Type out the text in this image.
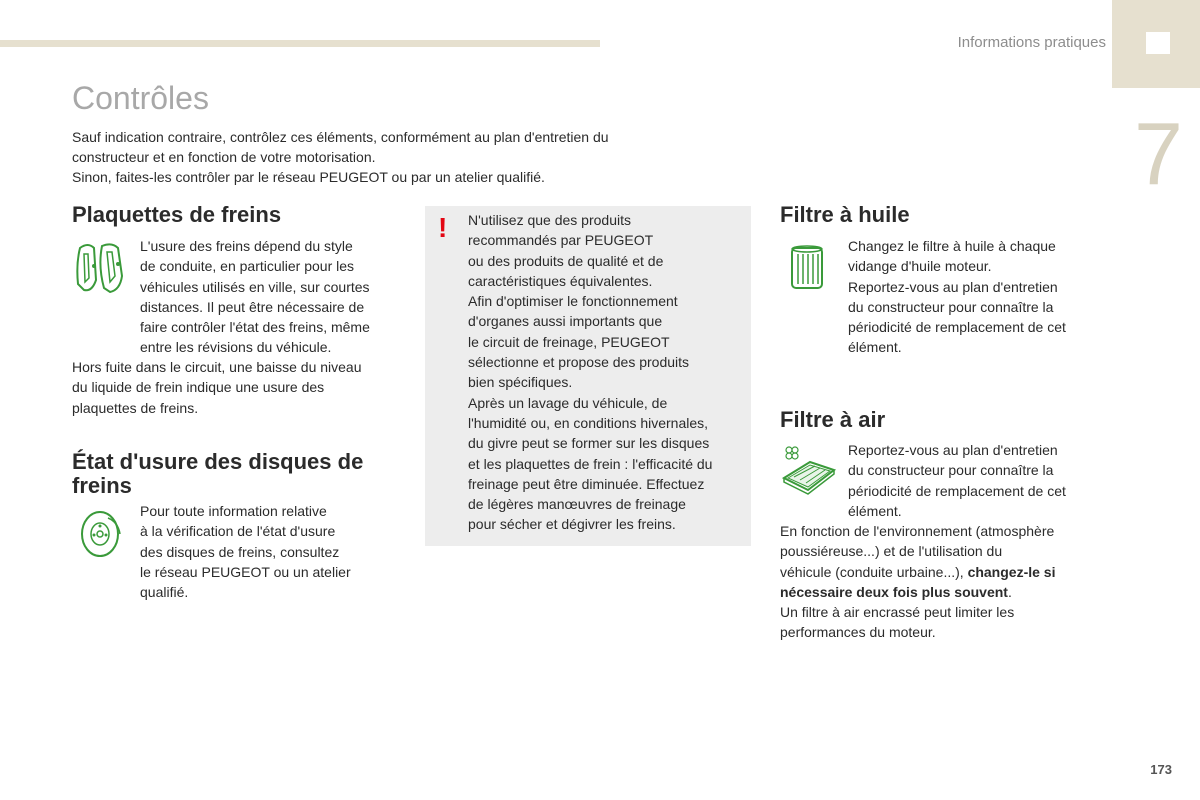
Informations pratiques
7
Contrôles

Sauf indication contraire, contrôlez ces éléments, conformément au plan d'entretien du

constructeur et en fonction de votre motorisation.

Sinon, faites-les contrôler par le réseau PEUGEOT ou par un atelier qualifié.

Plaquettes de freins

L'usure des freins dépend du style

de conduite, en particulier pour les

véhicules utilisés en ville, sur courtes

distances. Il peut être nécessaire de

faire contrôler l'état des freins, même

entre les révisions du véhicule.

Hors fuite dans le circuit, une baisse du niveau

du liquide de frein indique une usure des

plaquettes de freins.

État d'usure des disques de
freins

Pour toute information relative

à la vérification de l'état d'usure

des disques de freins, consultez

le réseau PEUGEOT ou un atelier

qualifié.

! N'utilisez que des produits

recommandés par PEUGEOT

ou des produits de qualité et de

caractéristiques équivalentes.

Afin d'optimiser le fonctionnement

d'organes aussi importants que

le circuit de freinage, PEUGEOT

sélectionne et propose des produits

bien spécifiques.

Après un lavage du véhicule, de

l'humidité ou, en conditions hivernales,

du givre peut se former sur les disques

et les plaquettes de frein : l'efficacité du

freinage peut être diminuée. Effectuez

de légères manœuvres de freinage

pour sécher et dégivrer les freins.

Filtre à huile

Changez le filtre à huile à chaque

vidange d'huile moteur.

Reportez-vous au plan d'entretien

du constructeur pour connaître la

périodicité de remplacement de cet

élément.

Filtre à air

Reportez-vous au plan d'entretien

du constructeur pour connaître la

périodicité de remplacement de cet

élément.

En fonction de l'environnement (atmosphère

poussiéreuse...) et de l'utilisation du

véhicule (conduite urbaine...), changez-le si

nécessaire deux fois plus souvent.

Un filtre à air encrassé peut limiter les

performances du moteur.

173
